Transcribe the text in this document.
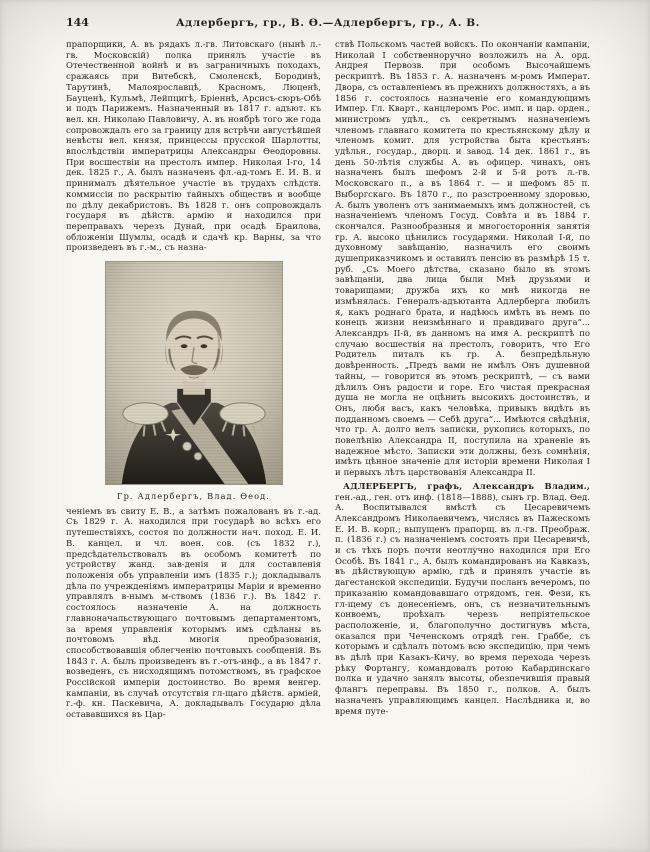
144	Адлербергъ, гр., В. Ѳ.—Адлербергъ, гр., А. В.

прапорщики, А. въ рядахъ л.-гв. Литовскаго (нынѣ л.-гв. Московскій) полка принялъ участіе въ Отечественной войнѣ и въ заграничныхъ походахъ, сражаясь при Витебскѣ, Смоленскѣ, Бородинѣ, Тарутинѣ, Малоярославцѣ, Красномъ, Люценѣ, Бауценѣ, Кульмѣ, Лейпцигѣ, Бріеннѣ, Арсисъ-сюръ-Обѣ и подъ Парижемъ. Назначенный въ 1817 г. адъют. къ вел. кн. Николаю Павловичу, А. въ ноябрѣ того же года сопровождалъ его за границу для встрѣчи августѣйшей невѣсты вел. князя, принцессы прусской Шарлотты, впослѣдствіи императрицы Александры Ѳеодоровны. При восшествіи на престолъ импер. Николая I-го, 14 дек. 1825 г., А. былъ назначенъ фл.-ад-томъ Е. И. В. и принималъ дѣятельное участіе въ трудахъ слѣдств. коммиссіи по раскрытію тайныхъ обществъ и вообще по дѣлу декабристовъ. Въ 1828 г. онъ сопровождалъ государя въ дѣйств. армію и находился при переправахъ черезъ Дунай, при осадѣ Браилова, обложеніи Шумлы, осадѣ и сдачѣ кр. Варны, за что произведенъ въ г.-м., съ назна-

Гр. Адлербергъ, Влад. Ѳеод.

ченіемъ въ свиту Е. В., а затѣмъ пожалованъ въ г.-ад. Съ 1829 г. А. находился при государѣ во всѣхъ его путешествіяхъ, состоя по должности нач. поход. Е. И. В. канцел. и чл. воен. сов. (съ 1832 г.), предсѣдательствовалъ въ особомъ комитетѣ по устройству жанд. зав-денія и для составленія положенія объ управленіи имъ (1835 г.); докладывалъ дѣла по учрежденіямъ императрицы Маріи и временно управлялъ в-нымъ м-ствомъ (1836 г.). Въ 1842 г. состоялось назначеніе А. на должность главноначальствующаго почтовымъ департаментомъ, за время управленія которымъ имъ сдѣланы въ почтовомъ вѣд. многія преобразованія, способствовавшія облегченію почтовыхъ сообщеній. Въ 1843 г. А. былъ произведенъ въ г.-отъ-инф., а въ 1847 г. возведенъ, съ нисходящимъ потомствомъ, въ графское Россійской имперіи достоинство. Во время венгер. кампаніи, въ случаѣ отсутствія гл-щаго дѣйств. арміей, г.-ф. кн. Паскевича, А. докладывалъ Государю дѣла остававшихся въ Цар-

ствѣ Польскомъ частей войскъ. По окончаніи кампаніи, Николай I собственноручно возложилъ на А. орд. Андрея Первозв. при особомъ Высочайшемъ рескриптѣ. Въ 1853 г. А. назначенъ м-ромъ Императ. Двора, съ оставленіемъ въ прежнихъ должностяхъ, а въ 1856 г. состоялось назначеніе его командующимъ Импер. Гл. Кварт., канцлеромъ Рос. имп. и цар. орден., министромъ удѣл., съ секретнымъ назначеніемъ членомъ главнаго комитета по крестьянскому дѣлу и членомъ комит. для устройства быта крестьянъ: удѣльн., государ., дворц. и завод. 14 дек. 1861 г., въ день 50-лѣтія службы А. въ офицер. чинахъ, онъ назначенъ былъ шефомъ 2-й и 5-й ротъ л.-гв. Московскаго п., а въ 1864 г. — и шефомъ 85 п. Выборгскаго. Въ 1870 г., по разстроенному здоровью, А. былъ уволенъ отъ занимаемыхъ имъ должностей, съ назначеніемъ членомъ Госуд. Совѣта и въ 1884 г. скончался. Разнообразныя и многостороннія занятія гр. А. высоко цѣнились государями. Николай I-й, по духовному завѣщанію, назначилъ его своимъ душеприказчикомъ и оставилъ пенсію въ размѣрѣ 15 т. руб. „Съ Моего дѣтства, сказано было въ этомъ завѣщаніи, два лица были Мнѣ друзьями и товарищами; дружба ихъ ко мнѣ никогда не измѣнялась. Генералъ-адъютанта Адлерберга любилъ я, какъ роднаго брата, и надѣюсь имѣть въ немъ по конецъ жизни неизмѣннаго и правдиваго друга“... Александръ II-й, въ данномъ на имя А. рескриптѣ по случаю восшествія на престолъ, говоритъ, что Его Родитель питалъ къ гр. А. безпредѣльную довѣренность. „Предъ вами не имѣлъ Онъ душевной тайны, — говорится въ этомъ рескриптѣ, — съ вами дѣлилъ Онъ радости и горе. Его чистая прекрасная душа не могла не оцѣнить высокихъ достоинствъ, и Онъ, любя васъ, какъ человѣка, привыкъ видѣть въ подданномъ своемъ — Себѣ друга“... Имѣются свѣдѣнія, что гр. А. долго велъ записки, рукопись которыхъ, по повелѣнію Александра II, поступила на храненіе въ надежное мѣсто. Записки эти должны, безъ сомнѣнія, имѣть цѣнное значеніе для исторіи времени Николая I и первыхъ лѣтъ царствованія Александра II.

АДЛЕРБЕРГЪ, графъ, Александръ Владим., ген.-ад., ген. отъ инф. (1818—1888), сынъ гр. Влад. Ѳед. А. Воспитывался вмѣстѣ съ Цесаревичемъ Александромъ Николаевичемъ, числясь въ Пажескомъ Е. И. В. корп.; выпущенъ прапорщ. въ л.-гв. Преображ. п. (1836 г.) съ назначеніемъ состоять при Цесаревичѣ, и съ тѣхъ поръ почти неотлучно находился при Его Особѣ. Въ 1841 г., А. былъ командированъ на Кавказъ, въ дѣйствующую армію, гдѣ и принялъ участіе въ дагестанской экспедиціи. Будучи посланъ вечеромъ, по приказанію командовавшаго отрядомъ, ген. Фези, къ гл-щему съ донесеніемъ, онъ, съ незначительнымъ конвоемъ, проѣхалъ черезъ непріятельское расположеніе, и, благополучно достигнувъ мѣста, оказался при Чеченскомъ отрядѣ ген. Граббе, съ которымъ и сдѣлалъ потомъ всю экспедицію, при чемъ въ дѣлѣ при Казакъ-Кичу, во время перехода черезъ рѣку Фортангу, командовалъ ротою Кабардинскаго полка и удачно занялъ высоты, обезпечившія правый флангъ переправы. Въ 1850 г., полков. А. былъ назначенъ управляющимъ канцел. Наслѣдника и, во время путе-
